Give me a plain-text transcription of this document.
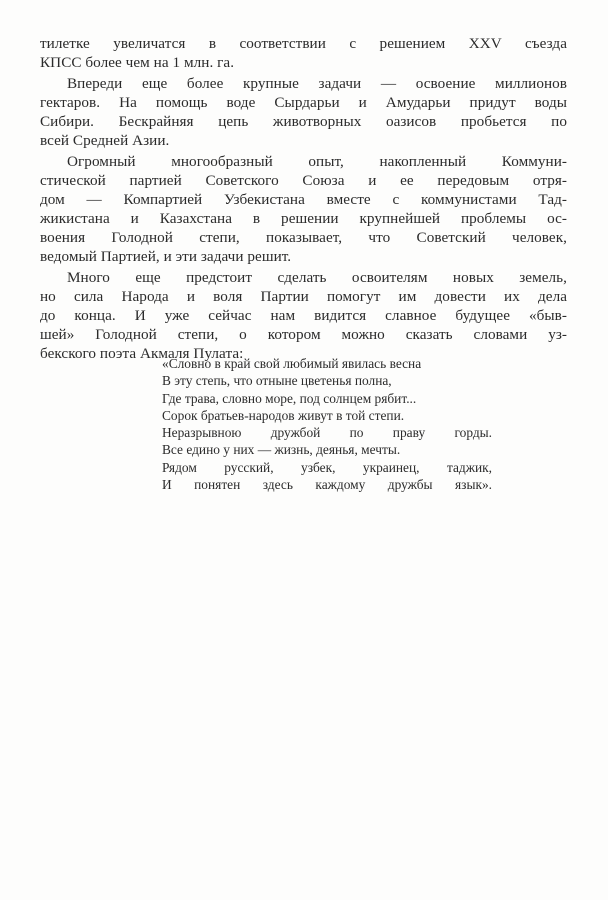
тилетке увеличатся в соответствии с решением XXV съезда
КПСС более чем на 1 млн. га.

Впереди еще более крупные задачи — освоение миллионов
гектаров. На помощь воде Сырдарьи и Амударьи придут воды
Сибири. Бескрайняя цепь животворных оазисов пробьется по
всей Средней Азии.

Огромный многообразный опыт, накопленный Коммуни-
стической партией Советского Союза и ее передовым отря-
дом — Компартией Узбекистана вместе с коммунистами Тад-
жикистана и Казахстана в решении крупнейшей проблемы ос-
воения Голодной степи, показывает, что Советский человек,
ведомый Партией, и эти задачи решит.

Много еще предстоит сделать освоителям новых земель,
но сила Народа и воля Партии помогут им довести их дела
до конца. И уже сейчас нам видится славное будущее «быв-
шей» Голодной степи, о котором можно сказать словами уз-
бекского поэта Акмаля Пулата:

«Словно в край свой любимый явилась весна
В эту степь, что отныне цветенья полна,
Где трава, словно море, под солнцем рябит...
Сорок братьев-народов живут в той степи.
Неразрывною дружбой по праву горды.
Все едино у них — жизнь, деянья, мечты.
Рядом русский, узбек, украинец, таджик,
И понятен здесь каждому дружбы язык».
